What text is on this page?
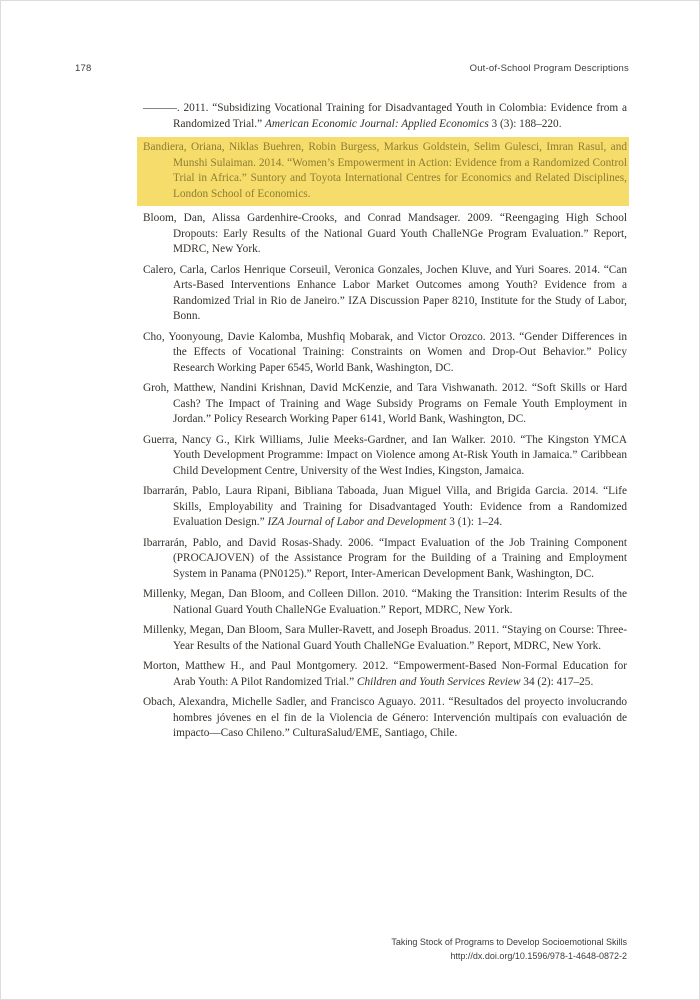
178	Out-of-School Program Descriptions

———. 2011. “Subsidizing Vocational Training for Disadvantaged Youth in Colombia: Evidence from a Randomized Trial.” American Economic Journal: Applied Economics 3 (3): 188–220.

Bandiera, Oriana, Niklas Buehren, Robin Burgess, Markus Goldstein, Selim Gulesci, Imran Rasul, and Munshi Sulaiman. 2014. “Women’s Empowerment in Action: Evidence from a Randomized Control Trial in Africa.” Suntory and Toyota International Centres for Economics and Related Disciplines, London School of Economics.

Bloom, Dan, Alissa Gardenhire-Crooks, and Conrad Mandsager. 2009. “Reengaging High School Dropouts: Early Results of the National Guard Youth ChalleNGe Program Evaluation.” Report, MDRC, New York.

Calero, Carla, Carlos Henrique Corseuil, Veronica Gonzales, Jochen Kluve, and Yuri Soares. 2014. “Can Arts-Based Interventions Enhance Labor Market Outcomes among Youth? Evidence from a Randomized Trial in Rio de Janeiro.” IZA Discussion Paper 8210, Institute for the Study of Labor, Bonn.

Cho, Yoonyoung, Davie Kalomba, Mushfiq Mobarak, and Victor Orozco. 2013. “Gender Differences in the Effects of Vocational Training: Constraints on Women and Drop-Out Behavior.” Policy Research Working Paper 6545, World Bank, Washington, DC.

Groh, Matthew, Nandini Krishnan, David McKenzie, and Tara Vishwanath. 2012. “Soft Skills or Hard Cash? The Impact of Training and Wage Subsidy Programs on Female Youth Employment in Jordan.” Policy Research Working Paper 6141, World Bank, Washington, DC.

Guerra, Nancy G., Kirk Williams, Julie Meeks-Gardner, and Ian Walker. 2010. “The Kingston YMCA Youth Development Programme: Impact on Violence among At-Risk Youth in Jamaica.” Caribbean Child Development Centre, University of the West Indies, Kingston, Jamaica.

Ibarrarán, Pablo, Laura Ripani, Bibliana Taboada, Juan Miguel Villa, and Brigida Garcia. 2014. “Life Skills, Employability and Training for Disadvantaged Youth: Evidence from a Randomized Evaluation Design.” IZA Journal of Labor and Development 3 (1): 1–24.

Ibarrarán, Pablo, and David Rosas-Shady. 2006. “Impact Evaluation of the Job Training Component (PROCAJOVEN) of the Assistance Program for the Building of a Training and Employment System in Panama (PN0125).” Report, Inter-American Development Bank, Washington, DC.

Millenky, Megan, Dan Bloom, and Colleen Dillon. 2010. “Making the Transition: Interim Results of the National Guard Youth ChalleNGe Evaluation.” Report, MDRC, New York.

Millenky, Megan, Dan Bloom, Sara Muller-Ravett, and Joseph Broadus. 2011. “Staying on Course: Three-Year Results of the National Guard Youth ChalleNGe Evaluation.” Report, MDRC, New York.

Morton, Matthew H., and Paul Montgomery. 2012. “Empowerment-Based Non-Formal Education for Arab Youth: A Pilot Randomized Trial.” Children and Youth Services Review 34 (2): 417–25.

Obach, Alexandra, Michelle Sadler, and Francisco Aguayo. 2011. “Resultados del proyecto involucrando hombres jóvenes en el fin de la Violencia de Género: Intervención multipaís con evaluación de impacto—Caso Chileno.” CulturaSalud/EME, Santiago, Chile.

Taking Stock of Programs to Develop Socioemotional Skills
http://dx.doi.org/10.1596/978-1-4648-0872-2
